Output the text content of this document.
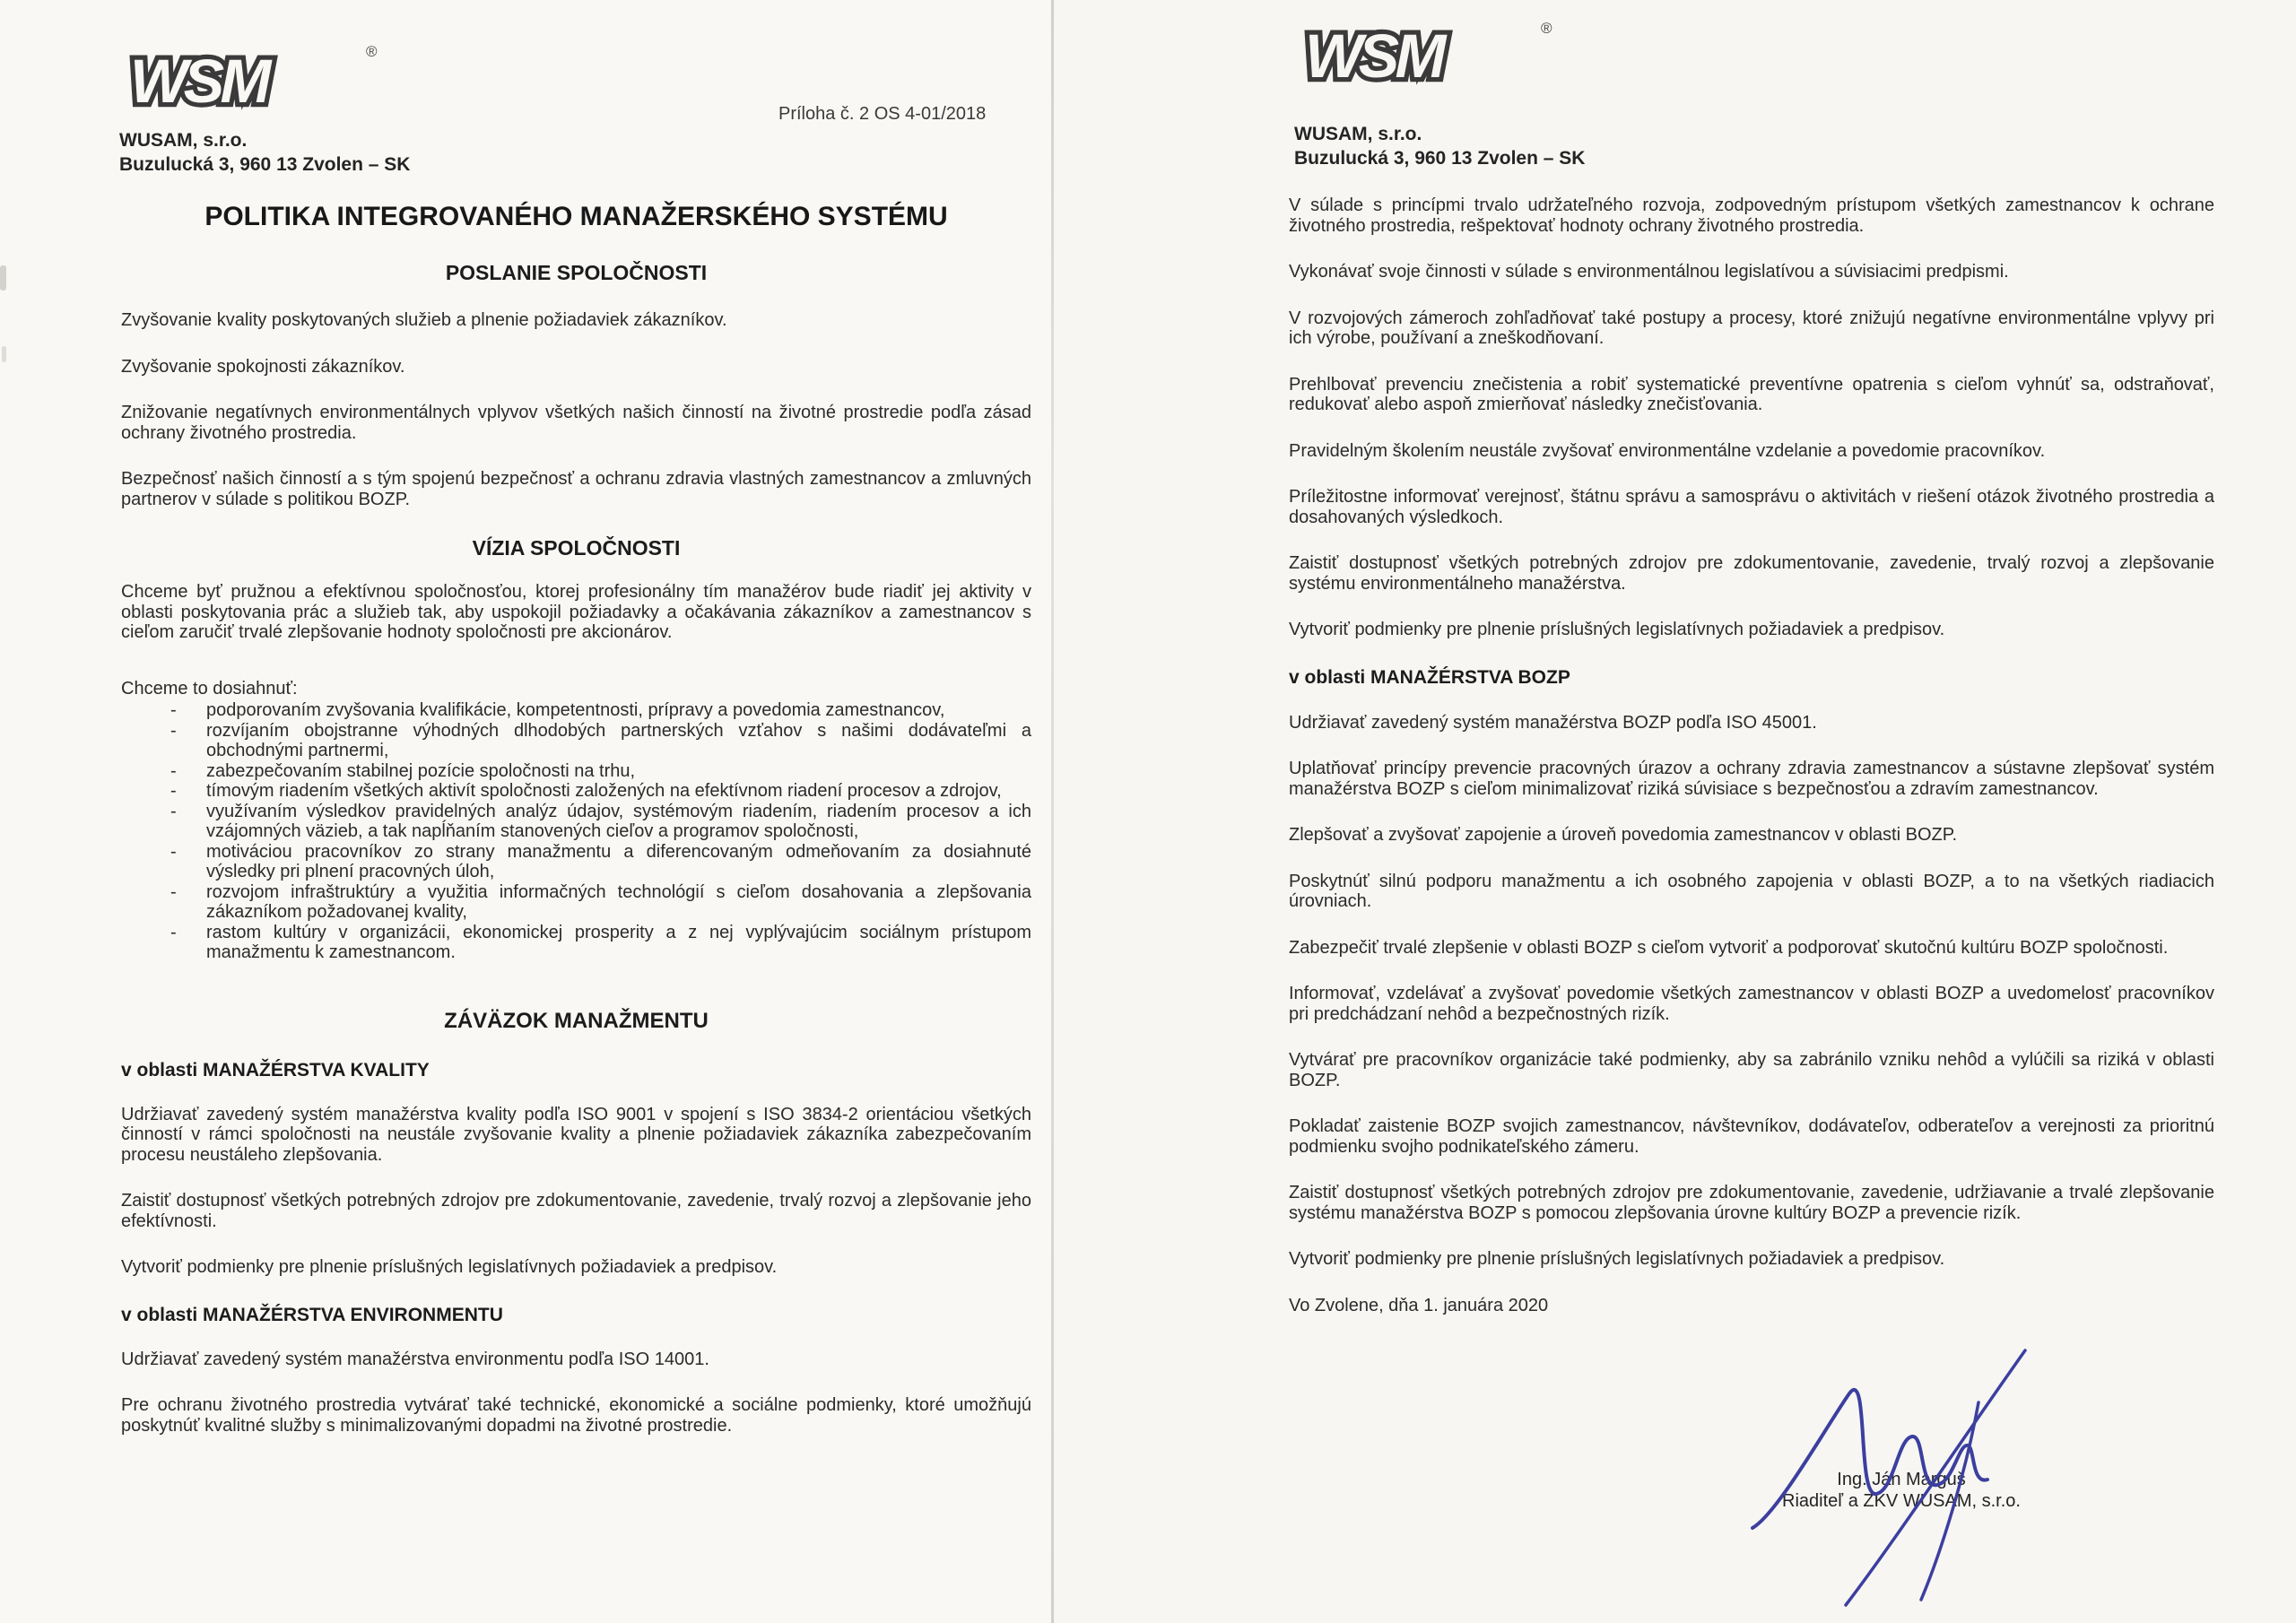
WSM	®
WUSAM, s.r.o.
Buzulucká 3, 960 13 Zvolen – SK
Príloha č. 2 OS 4-01/2018
POLITIKA INTEGROVANÉHO MANAŽERSKÉHO SYSTÉMU
POSLANIE SPOLOČNOSTI

Zvyšovanie kvality poskytovaných služieb a plnenie požiadaviek zákazníkov.

Zvyšovanie spokojnosti zákazníkov.

Znižovanie negatívnych environmentálnych vplyvov všetkých našich činností na životné prostredie podľa zásad ochrany životného prostredia.

Bezpečnosť našich činností a s tým spojenú bezpečnosť a ochranu zdravia vlastných zamestnancov a zmluvných partnerov v súlade s politikou BOZP.

VÍZIA SPOLOČNOSTI

Chceme byť pružnou a efektívnou spoločnosťou, ktorej profesionálny tím manažérov bude riadiť jej aktivity v oblasti poskytovania prác a služieb tak, aby uspokojil požiadavky a očakávania zákazníkov a zamestnancov s cieľom zaručiť trvalé zlepšovanie hodnoty spoločnosti pre akcionárov.

Chceme to dosiahnuť:

-	podporovaním zvyšovania kvalifikácie, kompetentnosti, prípravy a povedomia zamestnancov,
-	rozvíjaním obojstranne výhodných dlhodobých partnerských vzťahov s našimi dodávateľmi a obchodnými partnermi,
-	zabezpečovaním stabilnej pozície spoločnosti na trhu,
-	tímovým riadením všetkých aktivít spoločnosti založených na efektívnom riadení procesov a zdrojov,
-	využívaním výsledkov pravidelných analýz údajov, systémovým riadením, riadením procesov a ich vzájomných väzieb, a tak napĺňaním stanovených cieľov a programov spoločnosti,
-	motiváciou pracovníkov zo strany manažmentu a diferencovaným odmeňovaním za dosiahnuté výsledky pri plnení pracovných úloh,
-	rozvojom infraštruktúry a využitia informačných technológií s cieľom dosahovania a zlepšovania zákazníkom požadovanej kvality,
-	rastom kultúry v organizácii, ekonomickej prosperity a z nej vyplývajúcim sociálnym prístupom manažmentu k zamestnancom.
ZÁVÄZOK MANAŽMENTU
v oblasti MANAŽÉRSTVA KVALITY

Udržiavať zavedený systém manažérstva kvality podľa ISO 9001 v spojení s ISO 3834-2 orientáciou všetkých činností v rámci spoločnosti na neustále zvyšovanie kvality a plnenie požiadaviek zákazníka zabezpečovaním procesu neustáleho zlepšovania.

Zaistiť dostupnosť všetkých potrebných zdrojov pre zdokumentovanie, zavedenie, trvalý rozvoj a zlepšovanie jeho efektívnosti.

Vytvoriť podmienky pre plnenie príslušných legislatívnych požiadaviek a predpisov.

v oblasti MANAŽÉRSTVA ENVIRONMENTU

Udržiavať zavedený systém manažérstva environmentu podľa ISO 14001.

Pre ochranu životného prostredia vytvárať také technické, ekonomické a sociálne podmienky, ktoré umožňujú poskytnúť kvalitné služby s minimalizovanými dopadmi na životné prostredie.

WSM	®
WUSAM, s.r.o.
Buzulucká 3, 960 13 Zvolen – SK

V súlade s princípmi trvalo udržateľného rozvoja, zodpovedným prístupom všetkých zamestnancov k ochrane životného prostredia, rešpektovať hodnoty ochrany životného prostredia.

Vykonávať svoje činnosti v súlade s environmentálnou legislatívou a súvisiacimi predpismi.

V rozvojových zámeroch zohľadňovať také postupy a procesy, ktoré znižujú negatívne environmentálne vplyvy pri ich výrobe, používaní a zneškodňovaní.

Prehlbovať prevenciu znečistenia a robiť systematické preventívne opatrenia s cieľom vyhnúť sa, odstraňovať, redukovať alebo aspoň zmierňovať následky znečisťovania.

Pravidelným školením neustále zvyšovať environmentálne vzdelanie a povedomie pracovníkov.

Príležitostne informovať verejnosť, štátnu správu a samosprávu o aktivitách v riešení otázok životného prostredia a dosahovaných výsledkoch.

Zaistiť dostupnosť všetkých potrebných zdrojov pre zdokumentovanie, zavedenie, trvalý rozvoj a zlepšovanie systému environmentálneho manažérstva.

Vytvoriť podmienky pre plnenie príslušných legislatívnych požiadaviek a predpisov.

v oblasti MANAŽÉRSTVA BOZP

Udržiavať zavedený systém manažérstva BOZP podľa ISO 45001.

Uplatňovať princípy prevencie pracovných úrazov a ochrany zdravia zamestnancov a sústavne zlepšovať systém manažérstva BOZP s cieľom minimalizovať riziká súvisiace s bezpečnosťou a zdravím zamestnancov.

Zlepšovať a zvyšovať zapojenie a úroveň povedomia zamestnancov v oblasti BOZP.

Poskytnúť silnú podporu manažmentu a ich osobného zapojenia v oblasti BOZP, a to na všetkých riadiacich úrovniach.

Zabezpečiť trvalé zlepšenie v oblasti BOZP s cieľom vytvoriť a podporovať skutočnú kultúru BOZP spoločnosti.

Informovať, vzdelávať a zvyšovať povedomie všetkých zamestnancov v oblasti BOZP a uvedomelosť pracovníkov pri predchádzaní nehôd a bezpečnostných rizík.

Vytvárať pre pracovníkov organizácie také podmienky, aby sa zabránilo vzniku nehôd a vylúčili sa riziká v oblasti BOZP.

Pokladať zaistenie BOZP svojich zamestnancov, návštevníkov, dodávateľov, odberateľov a verejnosti za prioritnú podmienku svojho podnikateľského zámeru.

Zaistiť dostupnosť všetkých potrebných zdrojov pre zdokumentovanie, zavedenie, udržiavanie a trvalé zlepšovanie systému manažérstva BOZP s pomocou zlepšovania úrovne kultúry BOZP a prevencie rizík.

Vytvoriť podmienky pre plnenie príslušných legislatívnych požiadaviek a predpisov.

Vo Zvolene, dňa 1. januára 2020

Ing. Ján Marguš
Riaditeľ a ZKV WUSAM, s.r.o.
